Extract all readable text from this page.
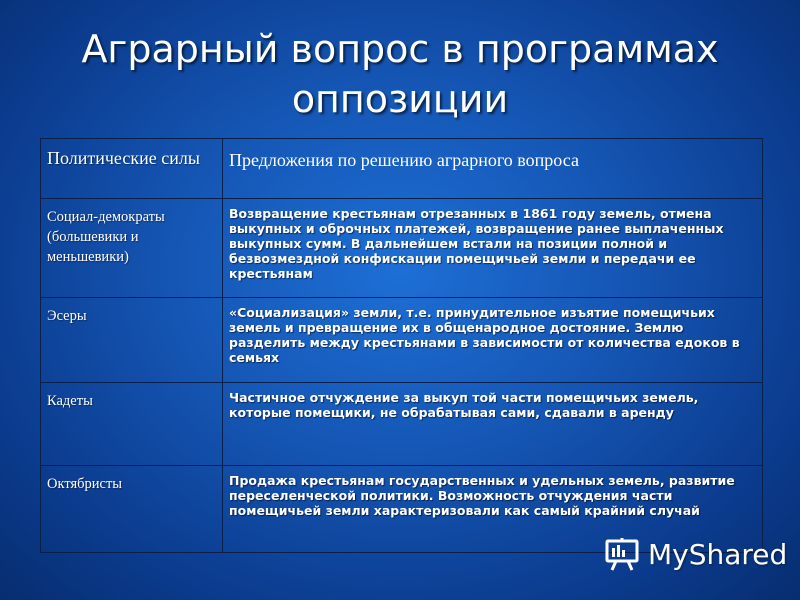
Аграрный вопрос в программах оппозиции
Политические силы	Предложения по решению аграрного вопроса
Социал-демократы (большевики и меньшевики)	Возвращение крестьянам отрезанных в 1861 году земель, отмена выкупных и оброчных платежей, возвращение ранее выплаченных выкупных сумм. В дальнейшем встали на позиции полной и безвозмездной конфискации помещичьей земли и передачи ее крестьянам
Эсеры	«Социализация» земли, т.е. принудительное изъятие помещичьих земель и превращение их в общенародное достояние. Землю разделить между крестьянами в зависимости от количества едоков в семьях
Кадеты	Частичное отчуждение за выкуп той части помещичьих земель, которые помещики, не обрабатывая сами, сдавали в аренду
Октябристы	Продажа крестьянам государственных и удельных земель, развитие переселенческой политики. Возможность отчуждения части помещичьей земли характеризовали как самый крайний случай
MyShared
